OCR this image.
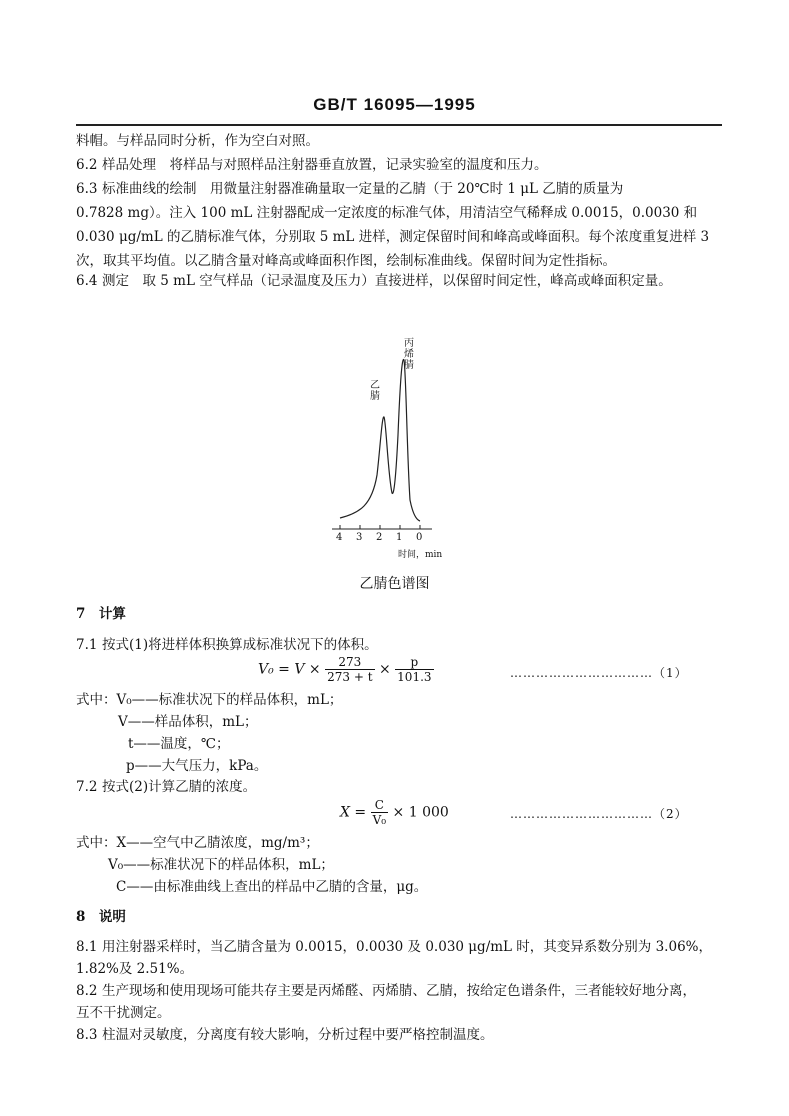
GB/T 16095—1995
料帽。与样品同时分析，作为空白对照。
6.2 样品处理　将样品与对照样品注射器垂直放置，记录实验室的温度和压力。
6.3 标准曲线的绘制　用微量注射器准确量取一定量的乙腈（于 20℃时 1 μL 乙腈的质量为
0.7828 mg）。注入 100 mL 注射器配成一定浓度的标准气体，用清洁空气稀释成 0.0015，0.0030 和
0.030 μg/mL 的乙腈标准气体，分别取 5 mL 进样，测定保留时间和峰高或峰面积。每个浓度重复进样 3
次，取其平均值。以乙腈含量对峰高或峰面积作图，绘制标准曲线。保留时间为定性指标。
6.4 测定　取 5 mL 空气样品（记录温度及压力）直接进样，以保留时间定性，峰高或峰面积定量。
乙腈
丙烯腈
4 3 2 1 0
时间，min
乙腈色谱图
7　计算
7.1 按式(1)将进样体积换算成标准状况下的体积。
$V_0 = V \times \frac{273}{273 + t} \times \frac{p}{101.3}$	……………………………（1）
式中：V₀——标准状况下的样品体积，mL；
V——样品体积，mL；
t——温度，℃；
p——大气压力，kPa。
7.2 按式(2)计算乙腈的浓度。
$X = \frac{C}{\text{V₀}} \times 1$ 000	……………………………（2）
式中：X——空气中乙腈浓度，mg/m³；
V₀——标准状况下的样品体积，mL；
C——由标准曲线上查出的样品中乙腈的含量，μg。
8　说明
8.1 用注射器采样时，当乙腈含量为 0.0015，0.0030 及 0.030 μg/mL 时，其变异系数分别为 3.06%，
1.82%及 2.51%。
8.2 生产现场和使用现场可能共存主要是丙烯醛、丙烯腈、乙腈，按给定色谱条件，三者能较好地分离，
互不干扰测定。
8.3 柱温对灵敏度，分离度有较大影响，分析过程中要严格控制温度。
